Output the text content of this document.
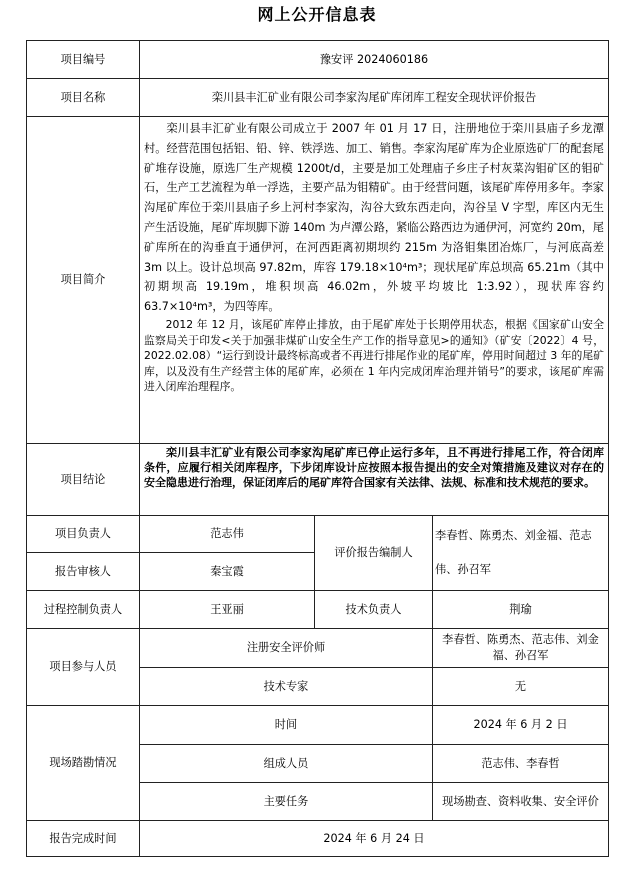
网上公开信息表
项目编号	豫安评 2024060186		
项目名称	栾川县丰汇矿业有限公司李家沟尾矿库闭库工程安全现状评价报告		
项目简介	栾川县丰汇矿业有限公司成立于 2007 年 01 月 17 日，注册地位于栾川县庙子乡龙潭村。经营范围包括铝、铅、锌、铁浮选、加工、销售。李家沟尾矿库为企业原选矿厂的配套尾矿堆存设施，原选厂生产规模 1200t/d，主要是加工处理庙子乡庄子村灰菜沟钼矿区的钼矿石，生产工艺流程为单一浮选，主要产品为钼精矿。由于经营问题，该尾矿库停用多年。李家沟尾矿库位于栾川县庙子乡上河村李家沟，沟谷大致东西走向，沟谷呈 V 字型，库区内无生产生活设施，尾矿库坝脚下游 140m 为卢潭公路，紧临公路西边为通伊河，河宽约 20m，尾矿库所在的沟垂直于通伊河，在河西距离初期坝约 215m 为洛钼集团冶炼厂，与河底高差 3m 以上。设计总坝高 97.82m，库容 179.18×10⁴m³；现状尾矿库总坝高 65.21m（其中初期坝高 19.19m，堆积坝高 46.02m，外坡平均坡比 1:3.92），现状库容约 63.7×10⁴m³，为四等库。

2012 年 12 月，该尾矿库停止排放，由于尾矿库处于长期停用状态，根据《国家矿山安全监察局关于印发<关于加强非煤矿山安全生产工作的指导意见>的通知》（矿安〔2022〕4 号，2022.02.08）“运行到设计最终标高或者不再进行排尾作业的尾矿库，停用时间超过 3 年的尾矿库，以及没有生产经营主体的尾矿库，必须在 1 年内完成闭库治理并销号”的要求，该尾矿库需进入闭库治理程序。		

项目结论	栾川县丰汇矿业有限公司李家沟尾矿库已停止运行多年，且不再进行排尾工作，符合闭库条件，应履行相关闭库程序，下步闭库设计应按照本报告提出的安全对策措施及建议对存在的安全隐患进行治理，保证闭库后的尾矿库符合国家有关法律、法规、标准和技术规范的要求。		

项目负责人	范志伟	评价报告编制人	李春哲、陈勇杰、刘金福、范志伟、孙召军
报告审核人	秦宝霞		
过程控制负责人	王亚丽	技术负责人	荆瑜
项目参与人员	注册安全评价师		李春哲、陈勇杰、范志伟、刘金福、孙召军
	技术专家		无
现场踏勘情况	时间		2024 年 6 月 2 日
	组成人员		范志伟、李春哲
	主要任务		现场勘查、资料收集、安全评价
报告完成时间	2024 年 6 月 24 日		
